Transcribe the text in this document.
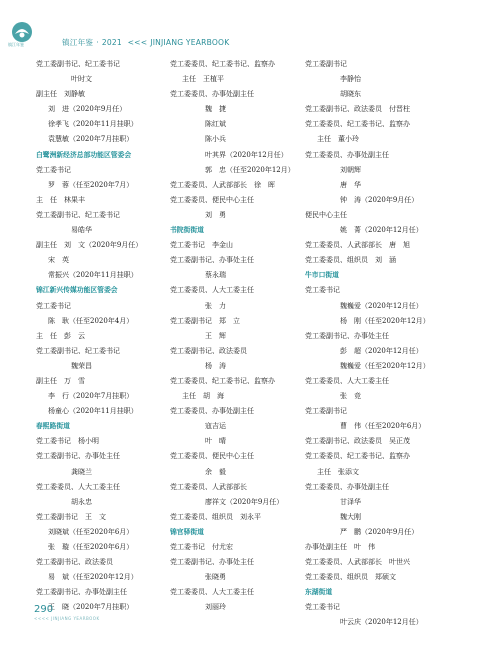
镇江年鉴	镇江年鉴 · 2021 <<< JINJIANG YEARBOOK
党工委副书记、纪工委书记
叶时文
副主任　刘静敏
刘　进（2020年9月任）
徐孝飞（2020年11月挂职）
袁慧敏（2020年7月挂职）
白鹭洲新经济总部功能区管委会
党工委书记
罗　蓉（任至2020年7月）
主　任　林果丰
党工委副书记、纪工委书记
易皓华
副主任　刘　文（2020年9月任）
宋　英
常振兴（2020年11月挂职）
锦江新兴传媒功能区管委会
党工委书记
陈　耿（任至2020年4月）
主　任　彭　云
党工委副书记、纪工委书记
魏荣昌
副主任　万　雪
李　行（2020年7月挂职）
杨童心（2020年11月挂职）
春熙路街道
党工委书记　杨小明
党工委副书记、办事处主任
龚晓兰
党工委委员、人大工委主任
胡永忠
党工委副书记　王　文
刘晓斌（任至2020年6月）
张　璇（任至2020年6月）
党工委副书记、政法委员
易　斌（任至2020年12月）
党工委副书记、办事处副主任
王　晓（2020年7月挂职）
党工委委员、纪工委书记、监察办
主任　王植平
党工委委员、办事处副主任
魏　捷
陈红斌
陈小兵
叶其界（2020年12月任）
郭　忠（任至2020年12月）
党工委委员、人武部部长　徐　晖
党工委委员、便民中心主任
刘　勇
书院街街道
党工委书记　李金山
党工委副书记、办事处主任
蔡永瑞
党工委委员、人大工委主任
张　力
党工委副书记　郑　立
王　辉
党工委副书记、政法委员
杨　涛
党工委委员、纪工委书记、监察办
主任　胡　海
党工委委员、办事处副主任
寇吉运
叶　晴
党工委委员、便民中心主任
余　毅
党工委委员、人武部部长
廖祥文（2020年9月任）
党工委委员、组织员　刘永平
锦官驿街道
党工委书记　付尤宏
党工委副书记、办事处主任
张晓勇
党工委委员、人大工委主任
刘丽玲
党工委副书记
李静怡
胡晓东
党工委副书记、政法委员　付晋柱
党工委委员、纪工委书记、监察办
主任　董小玲
党工委委员、办事处副主任
刘朝辉
唐　华
钟　涛（2020年9月任）
便民中心主任
姚　菁（2020年12月任）
党工委委员、人武部部长　唐　旭
党工委委员、组织员　刘　涵
牛市口街道
党工委书记
魏巍爱（2020年12月任）
杨　刚（任至2020年12月）
党工委副书记、办事处主任
彭　超（2020年12月任）
魏巍爱（任至2020年12月）
党工委委员、人大工委主任
张　竞
党工委副书记
曹　伟（任至2020年6月）
党工委副书记、政法委员　吴正茂
党工委委员、纪工委书记、监察办
主任　张添文
党工委委员、办事处副主任
甘泽华
魏大刚
严　鹏（2020年9月任）
办事处副主任　叶　伟
党工委委员、人武部部长　叶世兴
党工委委员、组织员　郑硕文
东湖街道
党工委书记
叶云庆（2020年12月任）
290
<<<< JINJIANG YEARBOOK
